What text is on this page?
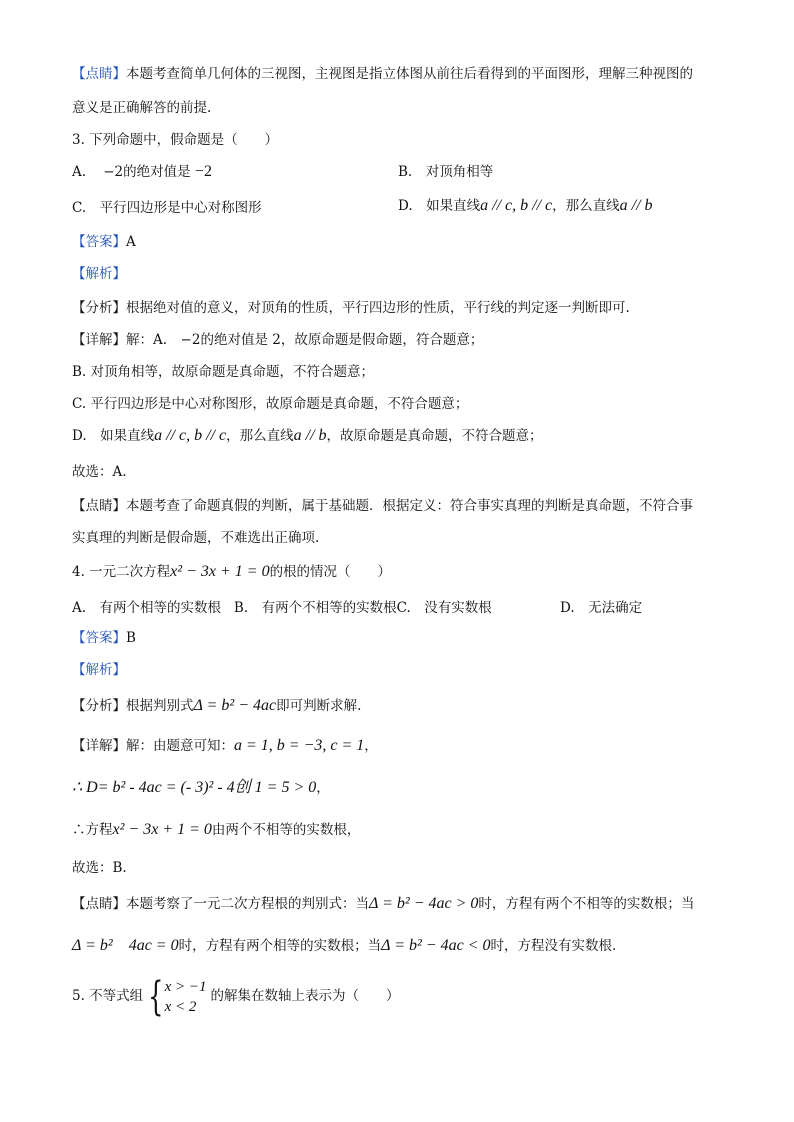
【点睛】本题考查简单几何体的三视图，主视图是指立体图从前往后看得到的平面图形，理解三种视图的
意义是正确解答的前提.
3. 下列命题中，假命题是（　　）
A. −2的绝对值是 −2	B.　对顶角相等
C.　平行四边形是中心对称图形	D.　如果直线a // c, b // c，那么直线a // b
【答案】A
【解析】
【分析】根据绝对值的意义，对顶角的性质，平行四边形的性质，平行线的判定逐一判断即可.
【详解】解：A.　−2的绝对值是 2，故原命题是假命题，符合题意；
B. 对顶角相等，故原命题是真命题，不符合题意；
C. 平行四边形是中心对称图形，故原命题是真命题，不符合题意；
D.　如果直线a // c, b // c，那么直线a // b，故原命题是真命题，不符合题意；
故选：A.
【点睛】本题考查了命题真假的判断，属于基础题．根据定义：符合事实真理的判断是真命题，不符合事
实真理的判断是假命题，不难选出正确项.
4. 一元二次方程x² − 3x + 1 = 0的根的情况（　　）
A.　有两个相等的实数根 B.　有两个不相等的实数根C.　没有实数根	D.　无法确定
【答案】B
【解析】
【分析】根据判别式Δ = b² − 4ac即可判断求解.
【详解】解：由题意可知：a = 1, b = −3, c = 1，
∴ D= b² - 4ac = (- 3)² - 4创 1 = 5 > 0，
∴方程x² − 3x + 1 = 0由两个不相等的实数根，
故选：B.
【点睛】本题考察了一元二次方程根的判别式：当Δ = b² − 4ac > 0时，方程有两个不相等的实数根；当
Δ = b²　4ac = 0时，方程有两个相等的实数根；当Δ = b² − 4ac < 0时，方程没有实数根.
5. 不等式组 { x > −1
x < 2
的解集在数轴上表示为（　　）
